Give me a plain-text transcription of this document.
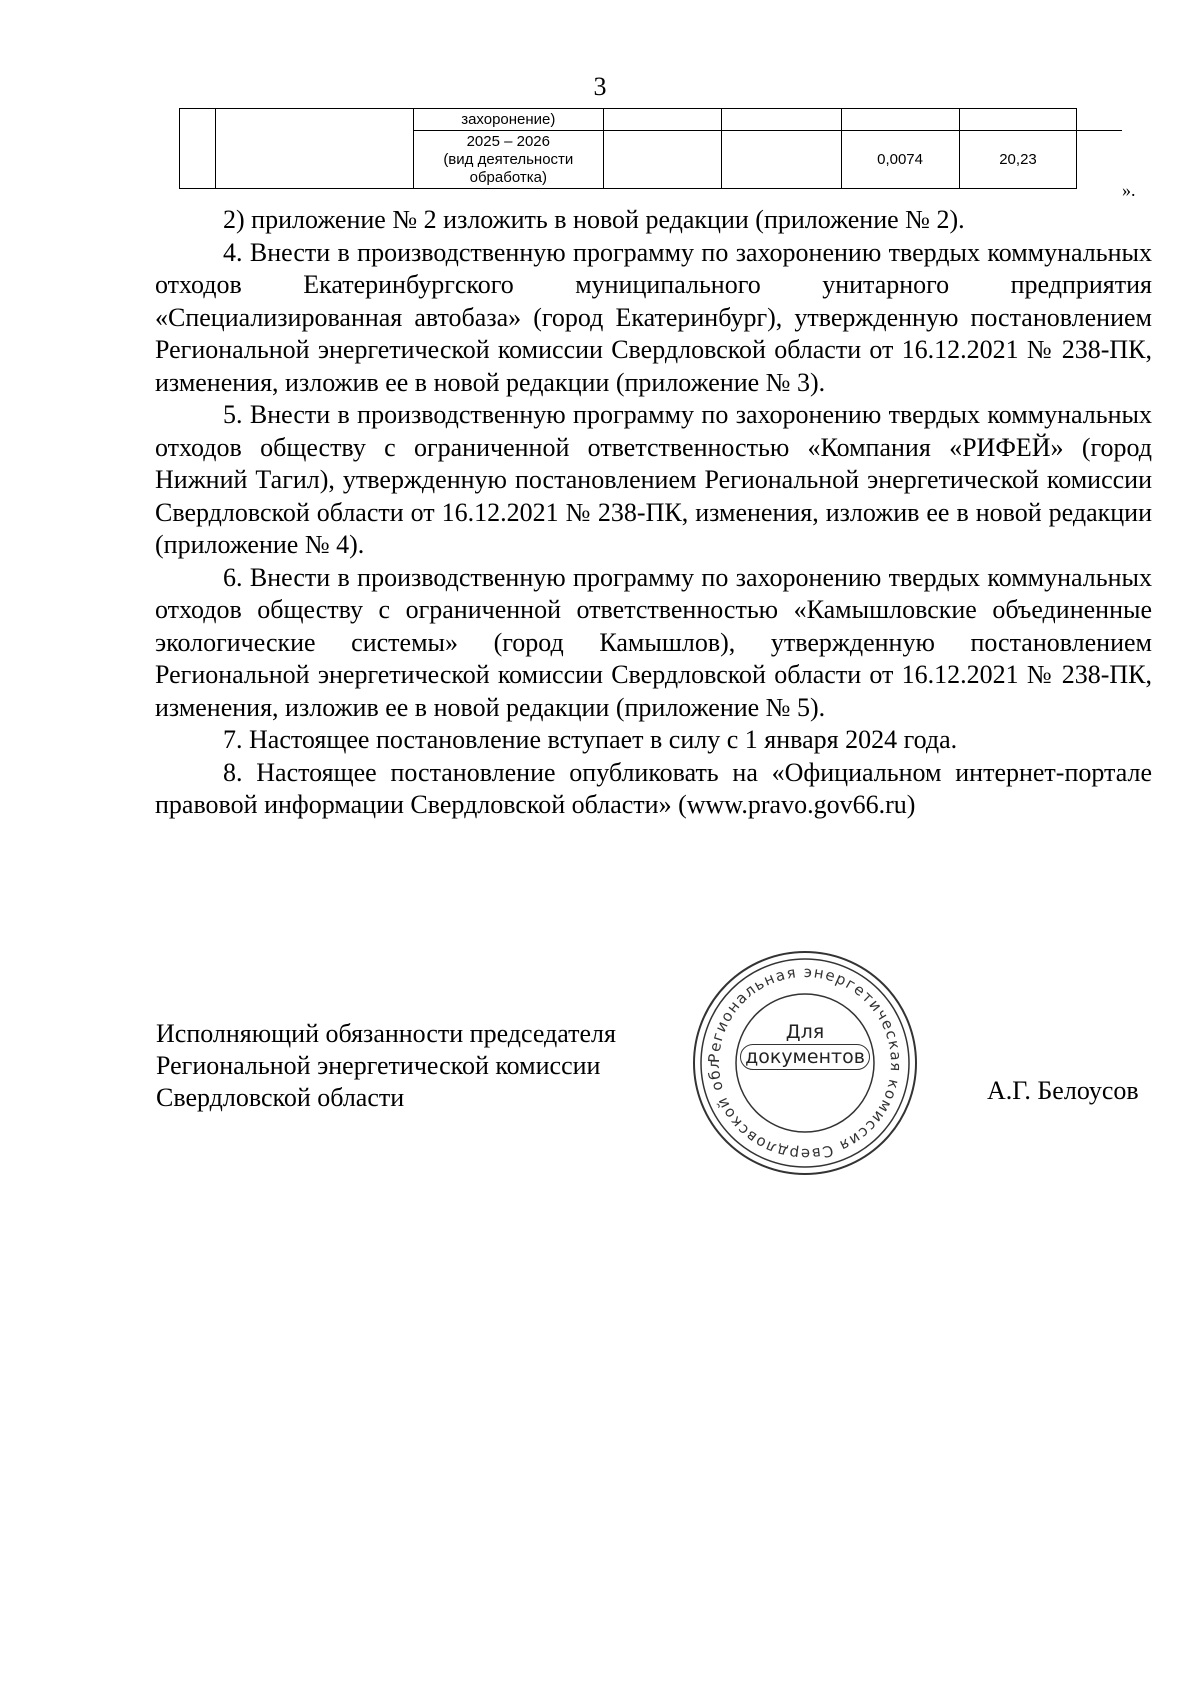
3
		захоронение)					

		2025 – 2026
(вид деятельности
обработка)			0,0074	20,23	
».

2) приложение № 2 изложить в новой редакции (приложение № 2).

4. Внести в производственную программу по захоронению твердых коммунальных отходов Екатеринбургского муниципального унитарного предприятия «Специализированная автобаза» (город Екатеринбург), утвержденную постановлением Региональной энергетической комиссии Свердловской области от 16.12.2021 № 238-ПК, изменения, изложив ее в новой редакции (приложение № 3).

5. Внести в производственную программу по захоронению твердых коммунальных отходов обществу с ограниченной ответственностью «Компания «РИФЕЙ» (город Нижний Тагил), утвержденную постановлением Региональной энергетической комиссии Свердловской области от 16.12.2021 № 238-ПК, изменения, изложив ее в новой редакции (приложение № 4).

6. Внести в производственную программу по захоронению твердых коммунальных отходов обществу с ограниченной ответственностью «Камышловские объединенные экологические системы» (город Камышлов), утвержденную постановлением Региональной энергетической комиссии Свердловской области от 16.12.2021 № 238-ПК, изменения, изложив ее в новой редакции (приложение № 5).

7. Настоящее постановление вступает в силу с 1 января 2024 года.

8. Настоящее постановление опубликовать на «Официальном интернет-портале правовой информации Свердловской области» (www.pravo.gov66.ru)

Исполняющий обязанности председателя
Региональной энергетической комиссии
Свердловской области
Региональная энергетическая комиссия Свердловской обл
Для
документов
А.Г. Белоусов
